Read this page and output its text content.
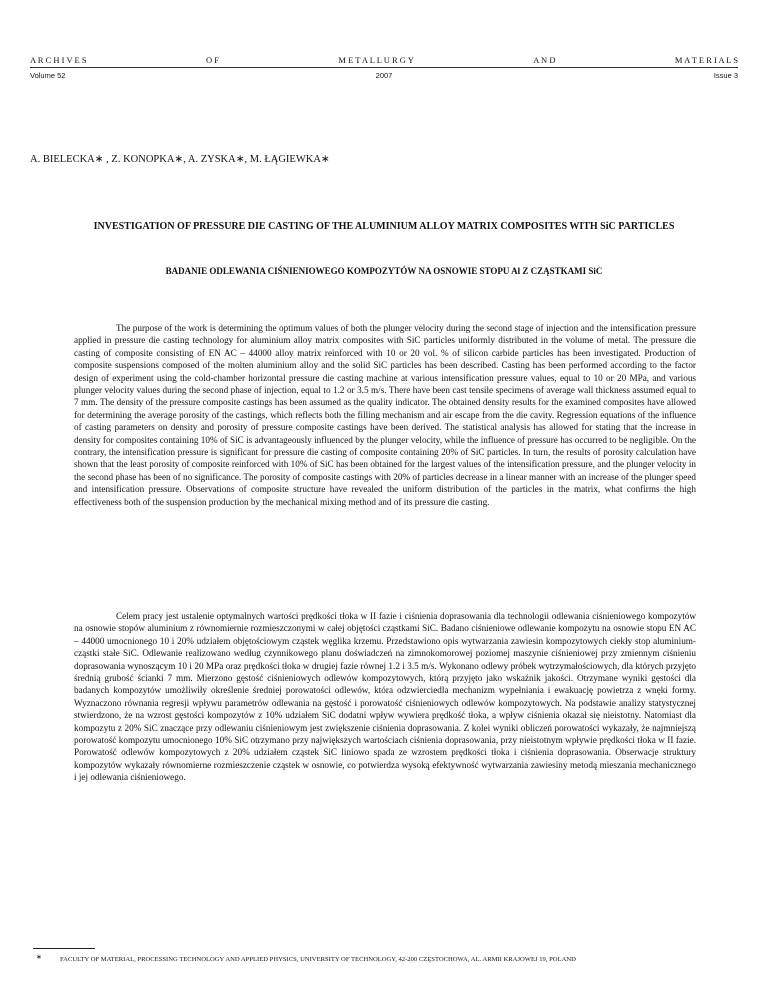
A R C H I V E S	O F	M E T A L L U R G Y	A N D	M A T E R I A L S
Volume 52	2007	Issue 3
A. BIELECKA∗ , Z. KONOPKA∗, A. ZYSKA∗, M. ŁĄGIEWKA∗
INVESTIGATION OF PRESSURE DIE CASTING OF THE ALUMINIUM ALLOY MATRIX COMPOSITES WITH SiC PARTICLES
BADANIE ODLEWANIA CIŚNIENIOWEGO KOMPOZYTÓW NA OSNOWIE STOPU Al Z CZĄSTKAMI SiC

The purpose of the work is determining the optimum values of both the plunger velocity during the second stage of injection and the intensification pressure applied in pressure die casting technology for aluminium alloy matrix composites with SiC particles uniformly distributed in the volume of metal. The pressure die casting of composite consisting of EN AC – 44000 alloy matrix reinforced with 10 or 20 vol. % of silicon carbide particles has been investigated. Production of composite suspensions composed of the molten aluminium alloy and the solid SiC particles has been described. Casting has been performed according to the factor design of experiment using the cold-chamber horizontal pressure die casting machine at various intensification pressure values, equal to 10 or 20 MPa, and various plunger velocity values during the second phase of injection, equal to 1.2 or 3.5 m/s. There have been cast tensile specimens of average wall thickness assumed equal to 7 mm. The density of the pressure composite castings has been assumed as the quality indicator. The obtained density results for the examined composites have allowed for determining the average porosity of the castings, which reflects both the filling mechanism and air escape from the die cavity. Regression equations of the influence of casting parameters on density and porosity of pressure composite castings have been derived. The statistical analysis has allowed for stating that the increase in density for composites containing 10% of SiC is advantageously influenced by the plunger velocity, while the influence of pressure has occurred to be negligible. On the contrary, the intensification pressure is significant for pressure die casting of composite containing 20% of SiC particles. In turn, the results of porosity calculation have shown that the least porosity of composite reinforced with 10% of SiC has been obtained for the largest values of the intensification pressure, and the plunger velocity in the second phase has been of no significance. The porosity of composite castings with 20% of particles decrease in a linear manner with an increase of the plunger speed and intensification pressure. Observations of composite structure have revealed the uniform distribution of the particles in the matrix, what confirms the high effectiveness both of the suspension production by the mechanical mixing method and of its pressure die casting.

Celem pracy jest ustalenie optymalnych wartości prędkości tłoka w II fazie i ciśnienia doprasowania dla technologii odlewania ciśnieniowego kompozytów na osnowie stopów aluminium z równomiernie rozmieszczonymi w całej objętości cząstkami SiC. Badano ciśnieniowe odlewanie kompozytu na osnowie stopu EN AC – 44000 umocnionego 10 i 20% udziałem objętościowym cząstek węglika krzemu. Przedstawiono opis wytwarzania zawiesin kompozytowych ciekły stop aluminium-cząstki stałe SiC. Odlewanie realizowano według czynnikowego planu doświadczeń na zimnokomorowej poziomej maszynie ciśnieniowej przy zmiennym ciśnieniu doprasowania wynoszącym 10 i 20 MPa oraz prędkości tłoka w drugiej fazie równej 1.2 i 3.5 m/s. Wykonano odlewy próbek wytrzymałościowych, dla których przyjęto średnią grubość ścianki 7 mm. Mierzono gęstość ciśnieniowych odlewów kompozytowych, którą przyjęto jako wskaźnik jakości. Otrzymane wyniki gęstości dla badanych kompozytów umożliwiły określenie średniej porowatości odlewów, która odzwierciedla mechanizm wypełniania i ewakuację powietrza z wnęki formy. Wyznaczono równania regresji wpływu parametrów odlewania na gęstość i porowatość ciśnieniowych odlewów kompozytowych. Na podstawie analizy statystycznej stwierdzono, że na wzrost gęstości kompozytów z 10% udziałem SiC dodatni wpływ wywiera prędkość tłoka, a wpływ ciśnienia okazał się nieistotny. Natomiast dla kompozytu z 20% SiC znaczące przy odlewaniu ciśnieniowym jest zwiększenie ciśnienia doprasowania. Z kolei wyniki obliczeń porowatości wykazały, że najmniejszą porowatość kompozytu umocnionego 10% SiC otrzymano przy największych wartościach ciśnienia doprasowania, przy nieistotnym wpływie prędkości tłoka w II fazie. Porowatość odlewów kompozytowych z 20% udziałem cząstek SiC liniowo spada ze wzrostem prędkości tłoka i ciśnienia doprasowania. Obserwacje struktury kompozytów wykazały równomierne rozmieszczenie cząstek w osnowie, co potwierdza wysoką efektywność wytwarzania zawiesiny metodą mieszania mechanicznego i jej odlewania ciśnieniowego.

∗	FACULTY OF MATERIAL, PROCESSING TECHNOLOGY AND APPLIED PHYSICS, UNIVERSITY OF TECHNOLOGY, 42-200 CZĘSTOCHOWA, AL. ARMII KRAJOWEJ 19, POLAND
